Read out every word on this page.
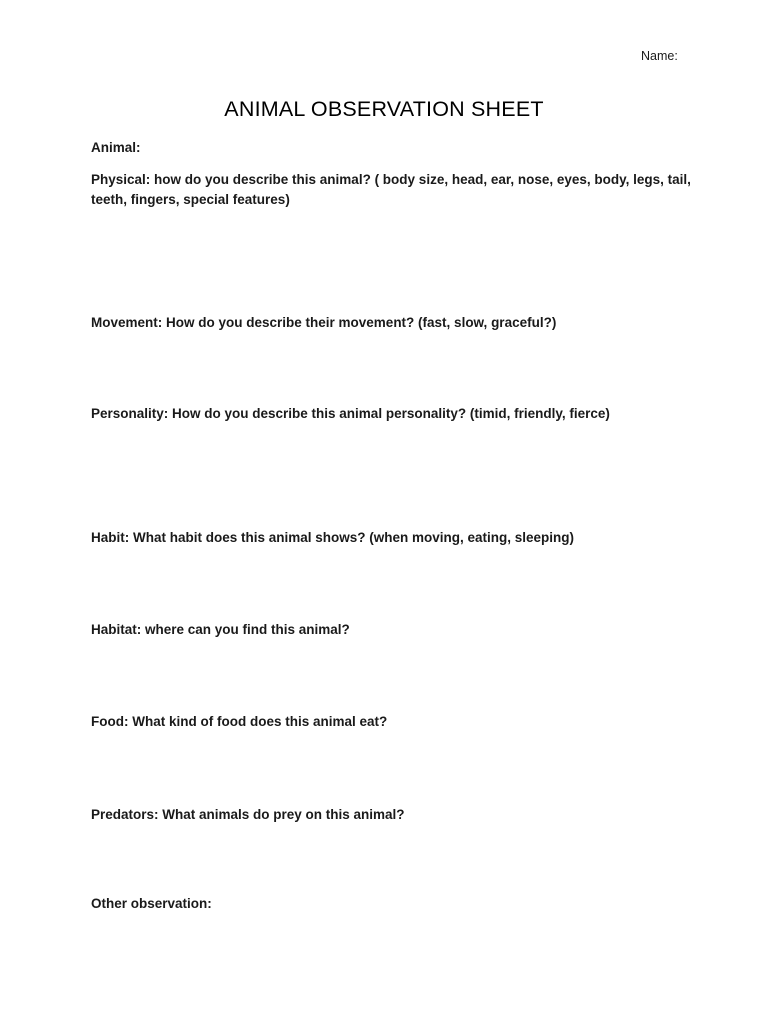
Name:
ANIMAL OBSERVATION SHEET

Animal:

Physical: how do you describe this animal? ( body size, head, ear, nose, eyes, body, legs, tail, teeth, fingers, special features)

Movement: How do you describe their movement? (fast, slow, graceful?)

Personality: How do you describe this animal personality? (timid, friendly, fierce)

Habit: What habit does this animal shows? (when moving, eating, sleeping)

Habitat: where can you find this animal?

Food: What kind of food does this animal eat?

Predators: What animals do prey on this animal?

Other observation:
